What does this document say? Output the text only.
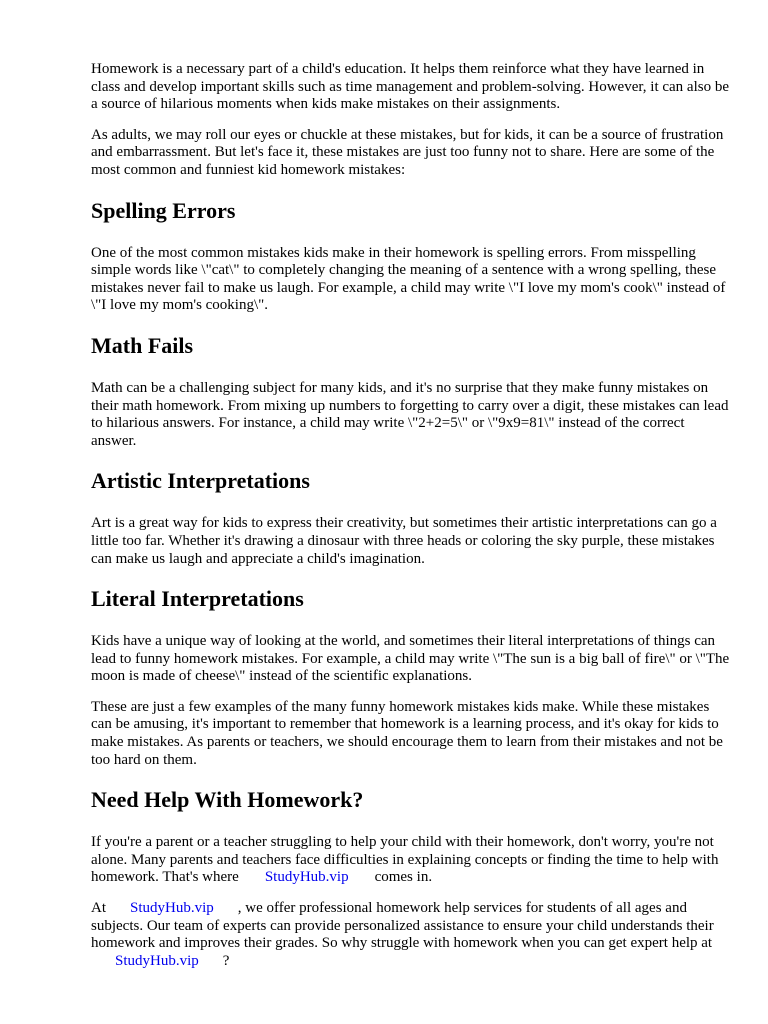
Homework is a necessary part of a child's education. It helps them reinforce what they have learned in class and develop important skills such as time management and problem-solving. However, it can also be a source of hilarious moments when kids make mistakes on their assignments.

As adults, we may roll our eyes or chuckle at these mistakes, but for kids, it can be a source of frustration and embarrassment. But let's face it, these mistakes are just too funny not to share. Here are some of the most common and funniest kid homework mistakes:

Spelling Errors

One of the most common mistakes kids make in their homework is spelling errors. From misspelling simple words like \"cat\" to completely changing the meaning of a sentence with a wrong spelling, these mistakes never fail to make us laugh. For example, a child may write \"I love my mom's cook\" instead of \"I love my mom's cooking\".

Math Fails

Math can be a challenging subject for many kids, and it's no surprise that they make funny mistakes on their math homework. From mixing up numbers to forgetting to carry over a digit, these mistakes can lead to hilarious answers. For instance, a child may write \"2+2=5\" or \"9x9=81\" instead of the correct answer.

Artistic Interpretations

Art is a great way for kids to express their creativity, but sometimes their artistic interpretations can go a little too far. Whether it's drawing a dinosaur with three heads or coloring the sky purple, these mistakes can make us laugh and appreciate a child's imagination.

Literal Interpretations

Kids have a unique way of looking at the world, and sometimes their literal interpretations of things can lead to funny homework mistakes. For example, a child may write \"The sun is a big ball of fire\" or \"The moon is made of cheese\" instead of the scientific explanations.

These are just a few examples of the many funny homework mistakes kids make. While these mistakes can be amusing, it's important to remember that homework is a learning process, and it's okay for kids to make mistakes. As parents or teachers, we should encourage them to learn from their mistakes and not be too hard on them.

Need Help With Homework?

If you're a parent or a teacher struggling to help your child with their homework, don't worry, you're not alone. Many parents and teachers face difficulties in explaining concepts or finding the time to help with homework. That's where StudyHub.vip comes in.

At StudyHub.vip , we offer professional homework help services for students of all ages and subjects. Our team of experts can provide personalized assistance to ensure your child understands their homework and improves their grades. So why struggle with homework when you can get expert help atStudyHub.vip ?
